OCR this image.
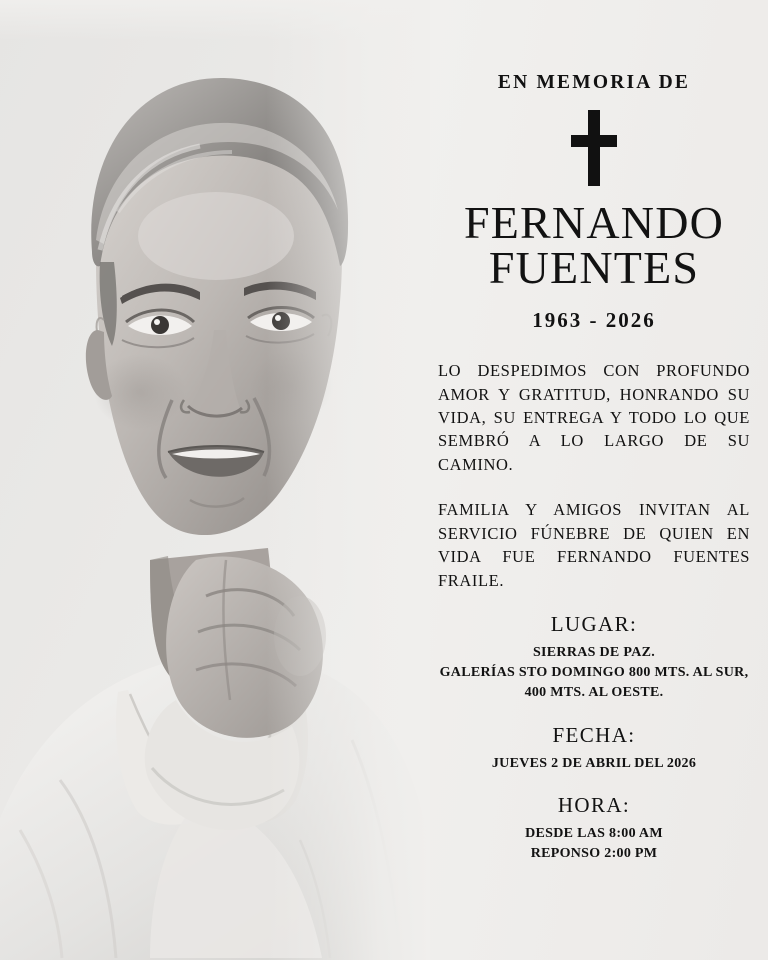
EN MEMORIA DE
FERNANDO
FUENTES
1963 - 2026
LO DESPEDIMOS CON PROFUNDO AMOR Y GRATITUD, HONRANDO SU VIDA, SU ENTREGA Y TODO LO QUE SEMBRÓ A LO LARGO DE SU CAMINO.
FAMILIA Y AMIGOS INVITAN AL SERVICIO FÚNEBRE DE QUIEN EN VIDA FUE FERNANDO FUENTES FRAILE.
LUGAR:
SIERRAS DE PAZ.
GALERÍAS STO DOMINGO 800 MTS. AL SUR,
400 MTS. AL OESTE.
FECHA:
JUEVES 2 DE ABRIL DEL 2026
HORA:
DESDE LAS 8:00 AM
REPONSO 2:00 PM
